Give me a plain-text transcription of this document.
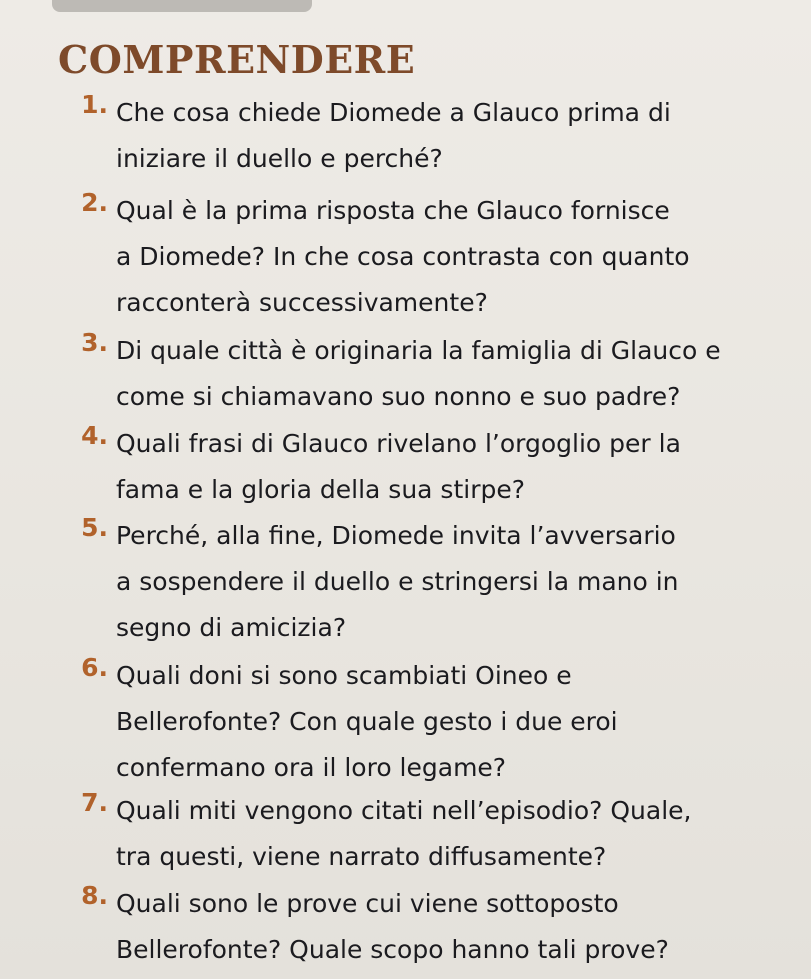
COMPRENDERE
1. Che cosa chiede Diomede a Glauco prima di
iniziare il duello e perché?
2. Qual è la prima risposta che Glauco fornisce
a Diomede? In che cosa contrasta con quanto
racconterà successivamente?
3. Di quale città è originaria la famiglia di Glauco e
come si chiamavano suo nonno e suo padre?
4. Quali frasi di Glauco rivelano l’orgoglio per la
fama e la gloria della sua stirpe?
5. Perché, alla fine, Diomede invita l’avversario
a sospendere il duello e stringersi la mano in
segno di amicizia?
6. Quali doni si sono scambiati Oineo e
Bellerofonte? Con quale gesto i due eroi
confermano ora il loro legame?
7. Quali miti vengono citati nell’episodio? Quale,
tra questi, viene narrato diffusamente?
8. Quali sono le prove cui viene sottoposto
Bellerofonte? Quale scopo hanno tali prove?
